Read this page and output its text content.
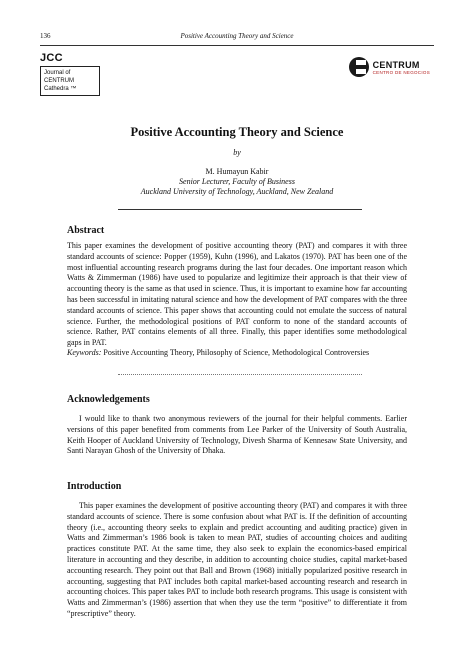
136	Positive Accounting Theory and Science
JCC
Journal of
CENTRUM
Cathedra ™
CENTRUM
CENTRO DE NEGOCIOS
Positive Accounting Theory and Science
by
M. Humayun Kabir
Senior Lecturer, Faculty of Business
Auckland University of Technology, Auckland, New Zealand
Abstract
This paper examines the development of positive accounting theory (PAT) and compares it with three standard accounts of science: Popper (1959), Kuhn (1996), and Lakatos (1970). PAT has been one of the most influential accounting research programs during the last four decades. One important reason which Watts & Zimmerman (1986) have used to popularize and legitimize their approach is that their view of accounting theory is the same as that used in science. Thus, it is important to examine how far accounting has been successful in imitating natural science and how the development of PAT compares with the three standard accounts of science. This paper shows that accounting could not emulate the success of natural science. Further, the methodological positions of PAT conform to none of the standard accounts of science. Rather, PAT contains elements of all three. Finally, this paper identifies some methodological gaps in PAT.
Keywords: Positive Accounting Theory, Philosophy of Science, Methodological Controversies
Acknowledgements
I would like to thank two anonymous reviewers of the journal for their helpful comments. Earlier versions of this paper benefited from comments from Lee Parker of the University of South Australia, Keith Hooper of Auckland University of Technology, Divesh Sharma of Kennesaw State University, and Santi Narayan Ghosh of the University of Dhaka.
Introduction
This paper examines the development of positive accounting theory (PAT) and compares it with three standard accounts of science. There is some confusion about what PAT is. If the definition of accounting theory (i.e., accounting theory seeks to explain and predict accounting and auditing practice) given in Watts and Zimmerman’s 1986 book is taken to mean PAT, studies of accounting choices and auditing practices constitute PAT. At the same time, they also seek to explain the economics-based empirical literature in accounting and they describe, in addition to accounting choice studies, capital market-based accounting research. They point out that Ball and Brown (1968) initially popularized positive research in accounting, suggesting that PAT includes both capital market-based accounting research and research in accounting choices. This paper takes PAT to include both research programs. This usage is consistent with Watts and Zimmerman’s (1986) assertion that when they use the term “positive” to differentiate it from “prescriptive” theory.
